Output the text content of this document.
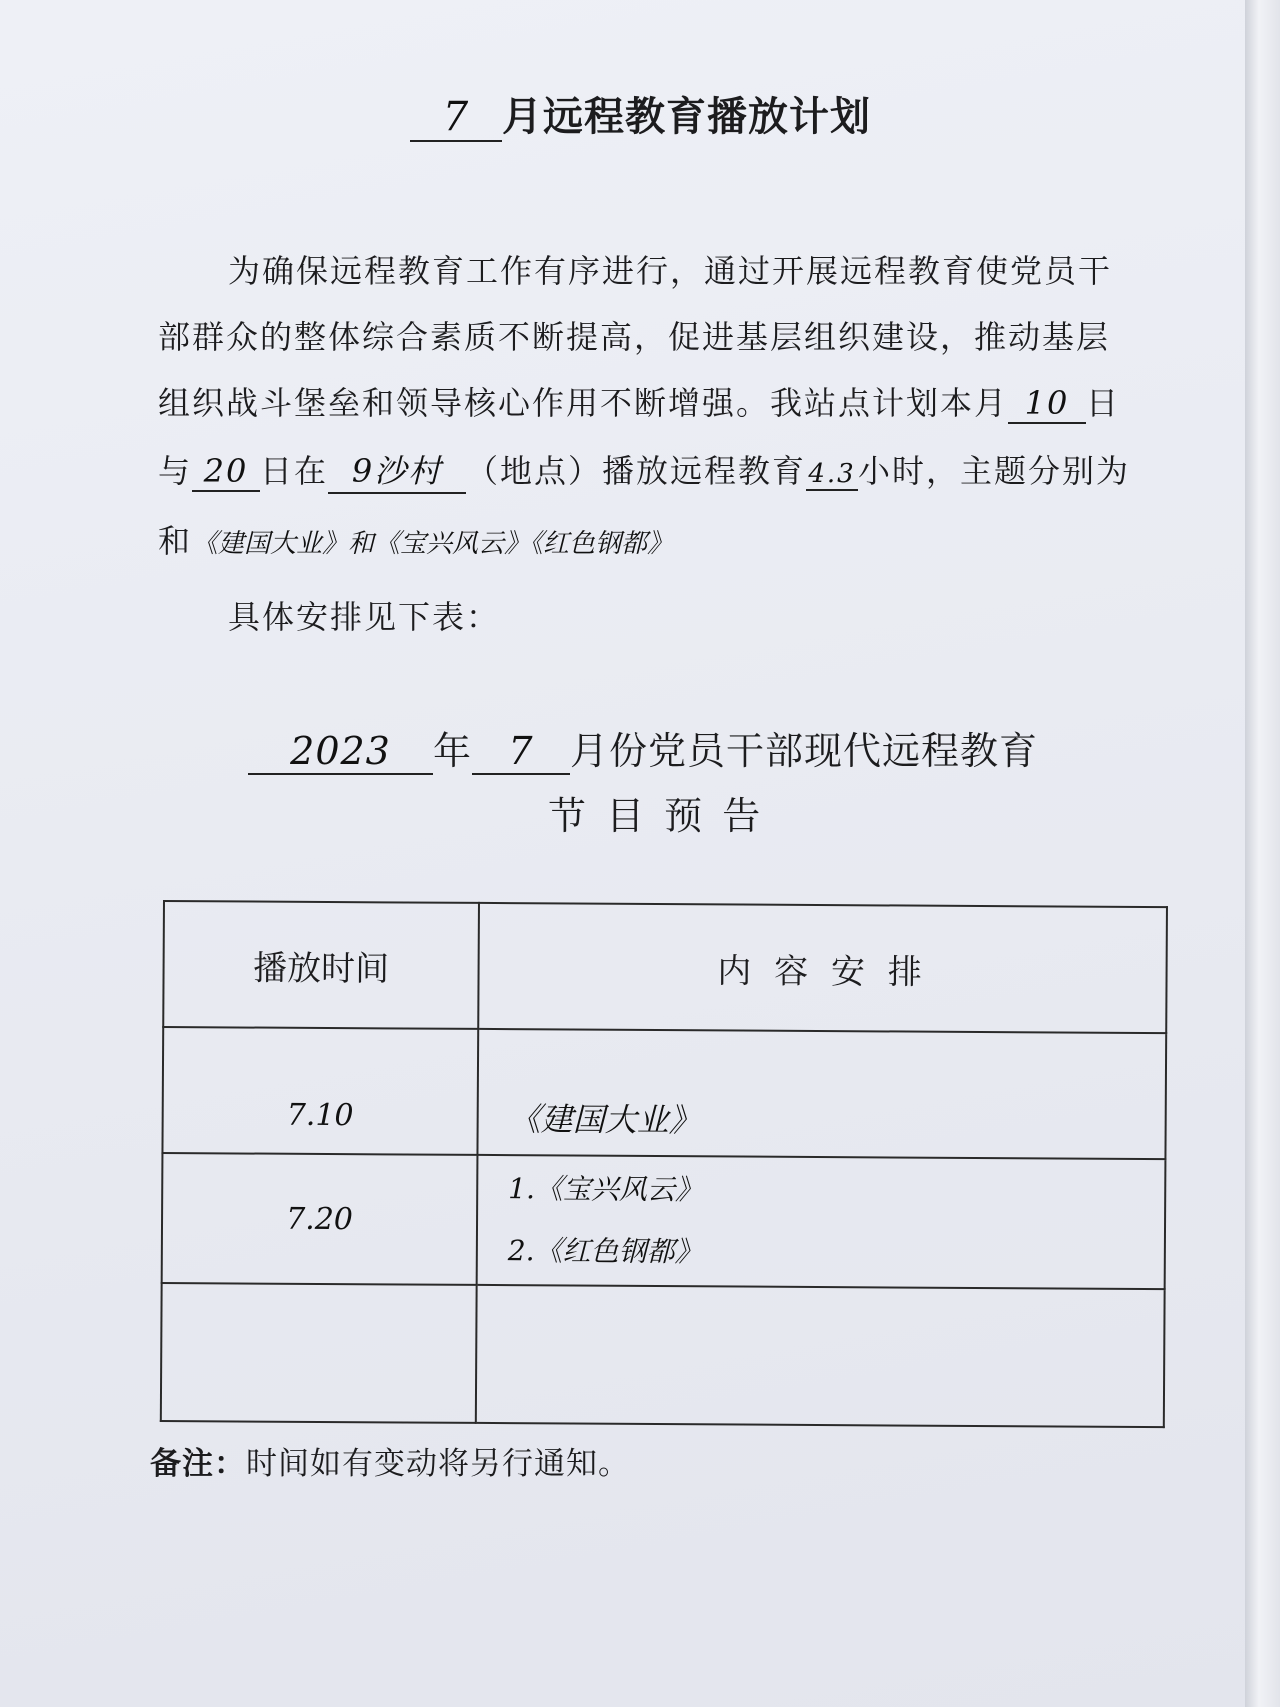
7 月远程教育播放计划
为确保远程教育工作有序进行，通过开展远程教育使党员干
部群众的整体综合素质不断提高，促进基层组织建设，推动基层
组织战斗堡垒和领导核心作用不断增强。我站点计划本月 10 日
与 20 日在 9沙村 （地点）播放远程教育4.3小时，主题分别为
和《建国大业》和《宝兴风云》《红色钢都》
具体安排见下表：
2023 年 7 月份党员干部现代远程教育
节 目 预 告
播放时间	内 容 安 排
7.10	《建国大业》
7.20	1.《宝兴风云》
2.《红色钢都》

备注：时间如有变动将另行通知。
